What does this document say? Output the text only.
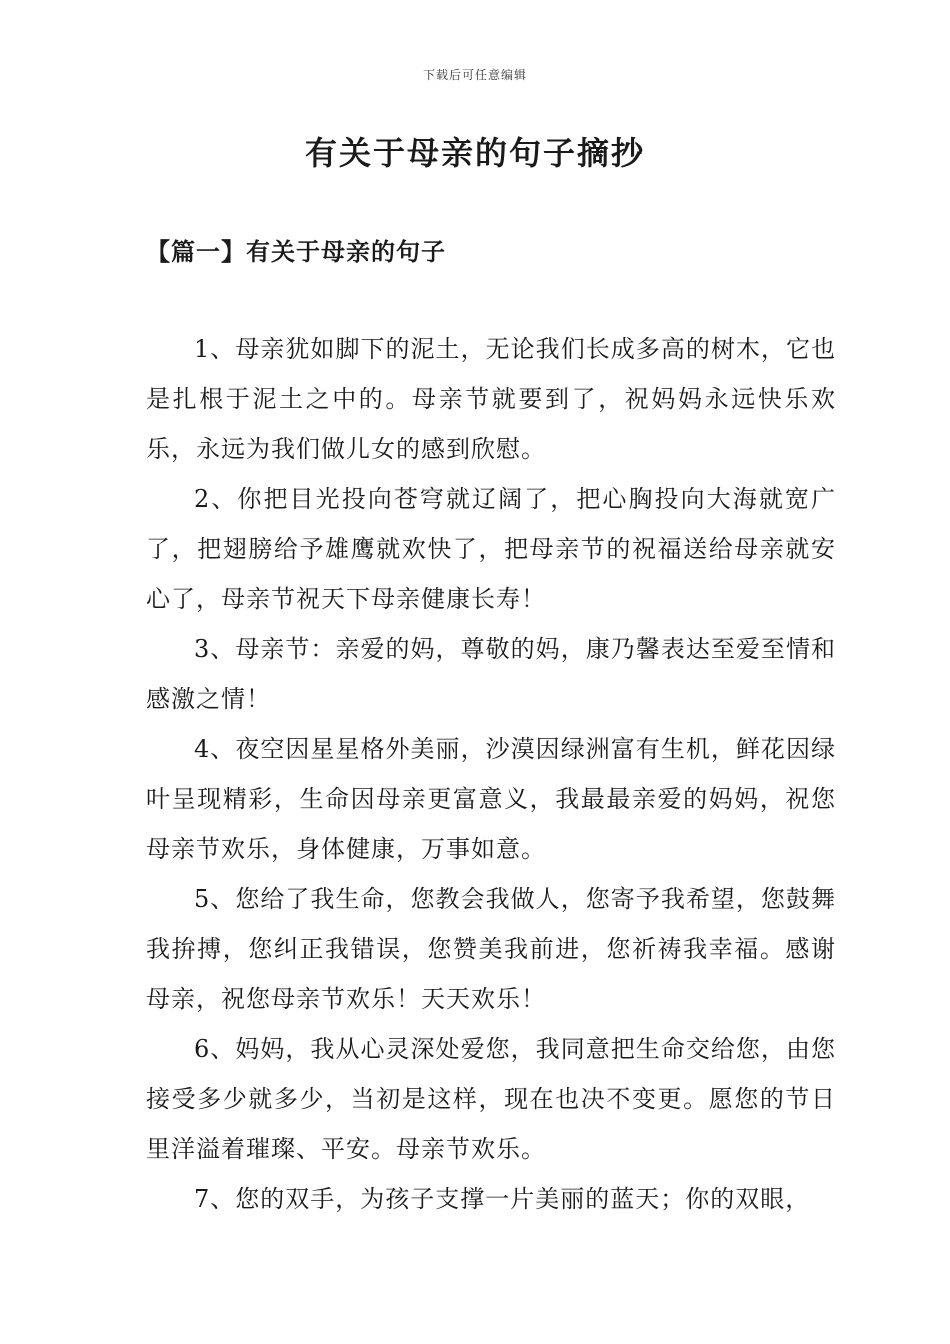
下载后可任意编辑
有关于母亲的句子摘抄
【篇一】有关于母亲的句子

1、母亲犹如脚下的泥土，无论我们长成多高的树木，它也是扎根于泥土之中的。母亲节就要到了，祝妈妈永远快乐欢乐，永远为我们做儿女的感到欣慰。

2、你把目光投向苍穹就辽阔了，把心胸投向大海就宽广了，把翅膀给予雄鹰就欢快了，把母亲节的祝福送给母亲就安心了，母亲节祝天下母亲健康长寿！

3、母亲节：亲爱的妈，尊敬的妈，康乃馨表达至爱至情和感激之情！

4、夜空因星星格外美丽，沙漠因绿洲富有生机，鲜花因绿叶呈现精彩，生命因母亲更富意义，我最最亲爱的妈妈，祝您母亲节欢乐，身体健康，万事如意。

5、您给了我生命，您教会我做人，您寄予我希望，您鼓舞我拚搏，您纠正我错误，您赞美我前进，您祈祷我幸福。感谢母亲，祝您母亲节欢乐！天天欢乐！

6、妈妈，我从心灵深处爱您，我同意把生命交给您，由您接受多少就多少，当初是这样，现在也决不变更。愿您的节日里洋溢着璀璨、平安。母亲节欢乐。

7、您的双手，为孩子支撑一片美丽的蓝天；你的双眼，
